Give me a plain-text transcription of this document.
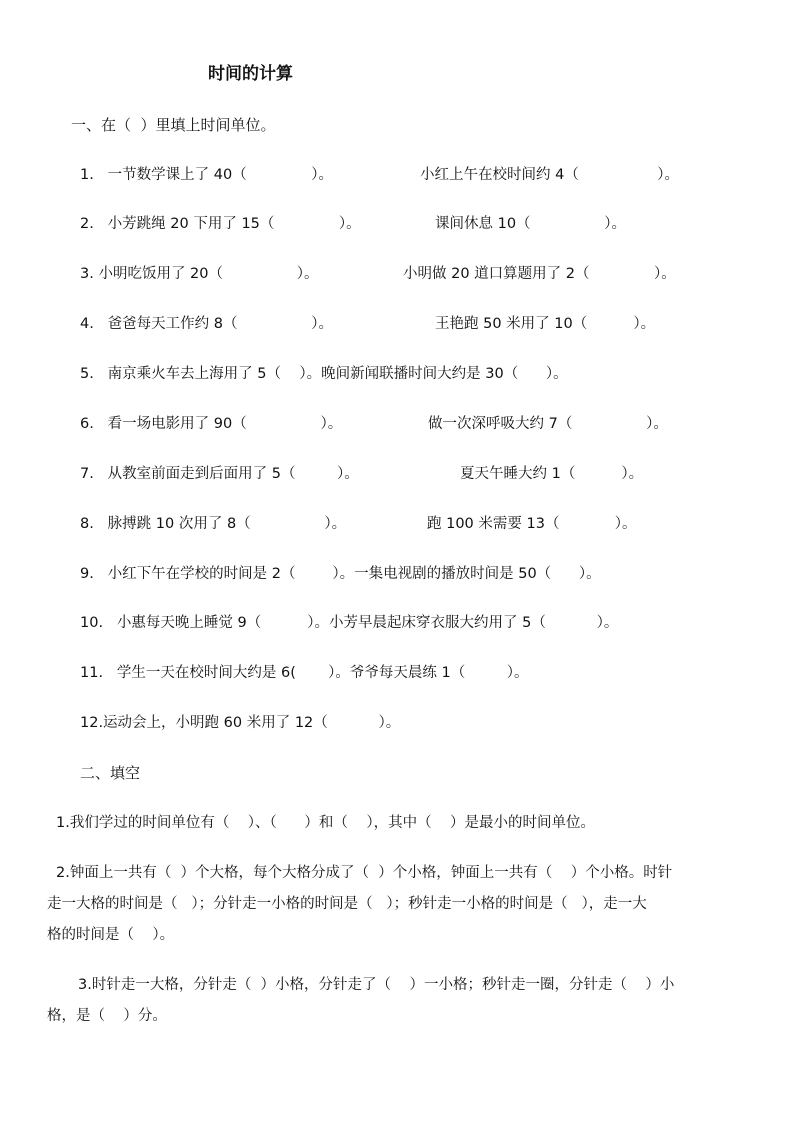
时间的计算
一、在（  ）里填上时间单位。
1.   一节数学课上了 40（              ）。	小红上午在校时间约 4（                 ）。
2.   小芳跳绳 20 下用了 15（              ）。	课间休息 10（                ）。
3. 小明吃饭用了 20（                ）。	小明做 20 道口算题用了 2（              ）。
4.   爸爸每天工作约 8（                ）。	王艳跑 50 米用了 10（          ）。
5.   南京乘火车去上海用了 5（    ）。晚间新闻联播时间大约是 30（      ）。
6.   看一场电影用了 90（                ）。	做一次深呼吸大约 7（                ）。
7.   从教室前面走到后面用了 5（         ）。	夏天午睡大约 1（          ）。
8.   脉搏跳 10 次用了 8（                ）。	跑 100 米需要 13（            ）。
9.   小红下午在学校的时间是 2（        ）。一集电视剧的播放时间是 50（      ）。
10.   小惠每天晚上睡觉 9（          ）。小芳早晨起床穿衣服大约用了 5（           ）。
11.   学生一天在校时间大约是 6(       ）。爷爷每天晨练 1（         ）。
12.运动会上，小明跑 60 米用了 12（           ）。
二、填空
1.我们学过的时间单位有（    ）、（      ）和（    ），其中（    ）是最小的时间单位。
2.钟面上一共有（  ）个大格，每个大格分成了（  ）个小格，钟面上一共有（    ）个小格。时针
走一大格的时间是（   ）；分针走一小格的时间是（   ）；秒针走一小格的时间是（   ），走一大
格的时间是（    ）。
3.时针走一大格，分针走（  ）小格，分针走了（    ）一小格；秒针走一圈，分针走（    ）小
格，是（    ）分。
